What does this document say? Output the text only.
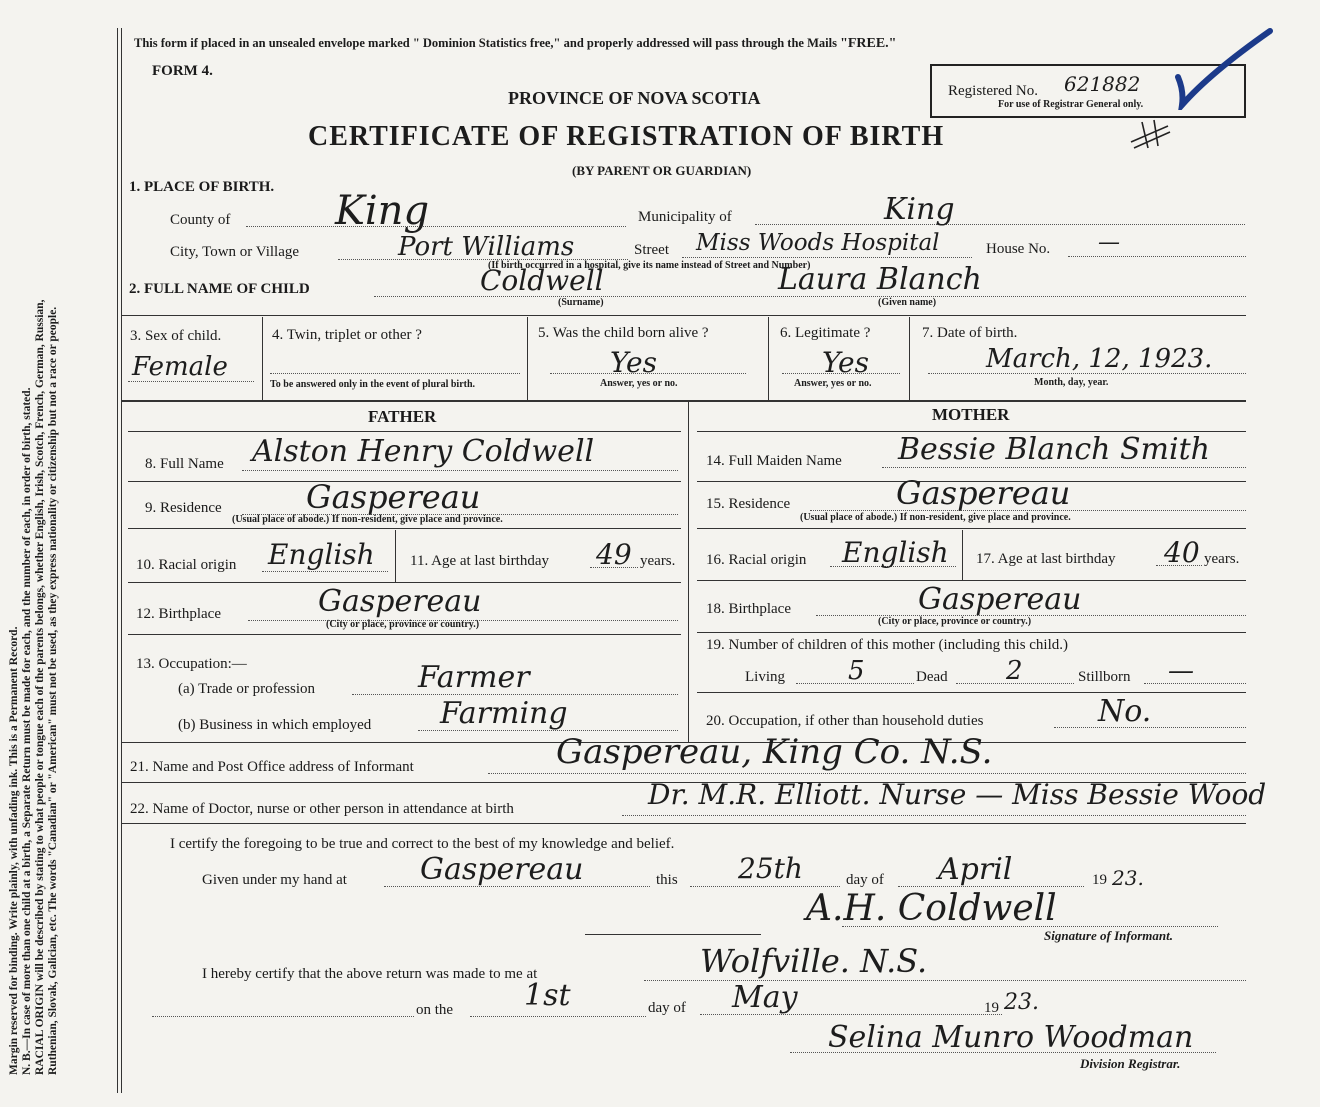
Margin reserved for binding. Write plainly, with unfading ink. This is a Permanent Record. N. B.—In case of more than one child at a birth, a Separate Return must be made for each, and the number of each, in order of birth, stated. RACIAL ORIGIN will be described by stating to what people or tongue each of the parents belongs, whether English, Irish, Scotch, French, German, Russian, Ruthenian, Slovak, Galician, etc. The words "Canadian" or "American" must not be used, as they express nationality or citizenship but not a race or people.
This form if placed in an unsealed envelope marked " Dominion Statistics free," and properly addressed will pass through the Mails "FREE."
FORM 4.
PROVINCE OF NOVA SCOTIA
CERTIFICATE OF REGISTRATION OF BIRTH
(BY PARENT OR GUARDIAN)
Registered No. 621882
For use of Registrar General only.
1. PLACE OF BIRTH.
County of	King	Municipality of	King
City, Town or Village	Port Williams	Street Miss Woods Hospital	House No. —
(If birth occurred in a hospital, give its name instead of Street and Number)
2. FULL NAME OF CHILD	Coldwell
(Surname)
Laura Blanch
(Given name)
3. Sex of child.
Female
4. Twin, triplet or other ?
To be answered only in the event of plural birth.
5. Was the child born alive ?
Yes
Answer, yes or no.
6. Legitimate ?
Yes
Answer, yes or no.
7. Date of birth.
March, 12, 1923.
Month, day, year.
FATHER	MOTHER
8. Full Name Alston Henry Coldwell
9. Residence	Gaspereau
(Usual place of abode.) If non-resident, give place and province.
10. Racial origin English 11. Age at last birthday 49 years.
12. Birthplace	Gaspereau
(City or place, province or country.)
13. Occupation:—
(a) Trade or profession	Farmer
(b) Business in which employed Farming
14. Full Maiden Name Bessie Blanch Smith
15. Residence	Gaspereau
(Usual place of abode.) If non-resident, give place and province.
16. Racial origin English 17. Age at last birthday 40 years.
18. Birthplace	Gaspereau
(City or place, province or country.)
19. Number of children of this mother (including this child.)
Living 5	Dead 2	Stillborn —
20. Occupation, if other than household duties	No.
21. Name and Post Office address of Informant	Gaspereau, King Co. N.S.
22. Name of Doctor, nurse or other person in attendance at birth	Dr. M.R. Elliott. Nurse — Miss Bessie Wood
I certify the foregoing to be true and correct to the best of my knowledge and belief.
Given under my hand at Gaspereau	this 25th	day of April	19 23.
A.H. Coldwell
Signature of Informant.
I hereby certify that the above return was made to me at	Wolfville. N.S.
on the 1st	day of May	19 23.
Selina Munro Woodman
Division Registrar.
